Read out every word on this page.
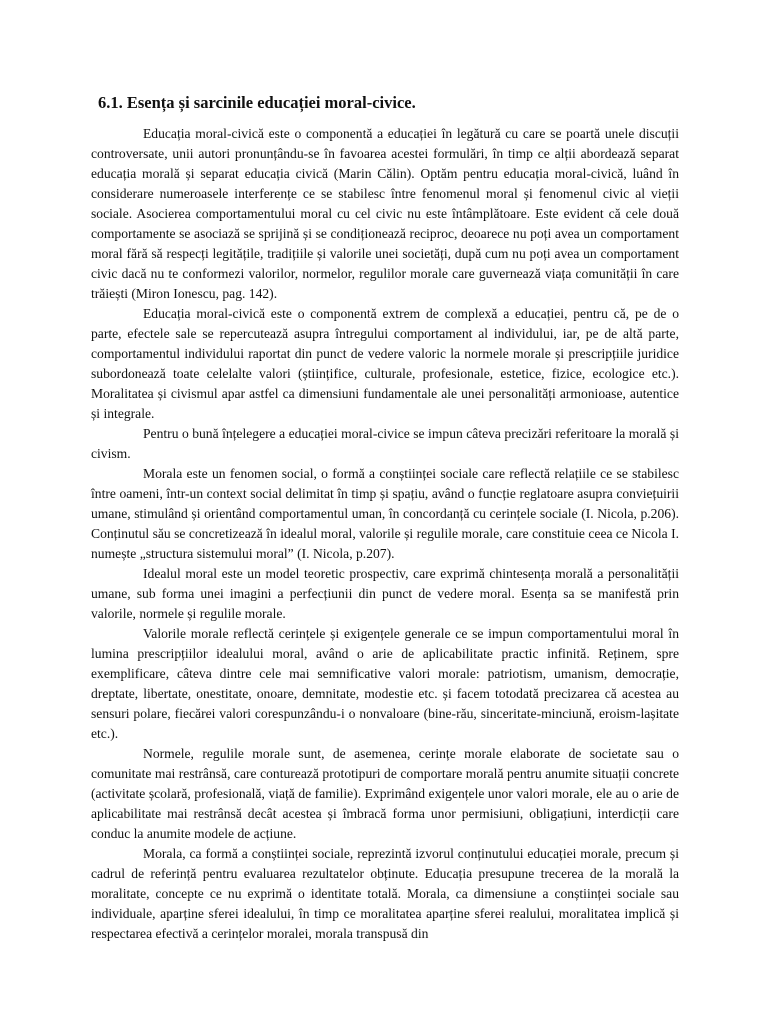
6.1. Esența și sarcinile educației moral-civice.

Educația moral-civică este o componentă a educației în legătură cu care se poartă unele discuții controversate, unii autori pronunțându-se în favoarea acestei formulări, în timp ce alții abordează separat educația morală și separat educația civică (Marin Călin). Optăm pentru educația moral-civică, luând în considerare numeroasele interferențe ce se stabilesc între fenomenul moral și fenomenul civic al vieții sociale. Asocierea comportamentului moral cu cel civic nu este întâmplătoare. Este evident că cele două comportamente se asociază se sprijină și se condiționează reciproc, deoarece nu poți avea un comportament moral fără să respecți legitățile, tradițiile și valorile unei societăți, după cum nu poți avea un comportament civic dacă nu te conformezi valorilor, normelor, regulilor morale care guvernează viața comunității în care trăiești (Miron Ionescu, pag. 142).

Educația moral-civică este o componentă extrem de complexă a educației, pentru că, pe de o parte, efectele sale se repercutează asupra întregului comportament al individului, iar, pe de altă parte, comportamentul individului raportat din punct de vedere valoric la normele morale și prescripțiile juridice subordonează toate celelalte valori (științifice, culturale, profesionale, estetice, fizice, ecologice etc.). Moralitatea și civismul apar astfel ca dimensiuni fundamentale ale unei personalități armonioase, autentice și integrale.

Pentru o bună înțelegere a educației moral-civice se impun câteva precizări referitoare la morală și civism.

Morala este un fenomen social, o formă a conștiinței sociale care reflectă relațiile ce se stabilesc între oameni, într-un context social delimitat în timp și spațiu, având o funcție reglatoare asupra conviețuirii umane, stimulând și orientând comportamentul uman, în concordanță cu cerințele sociale (I. Nicola, p.206). Conținutul său se concretizează în idealul moral, valorile și regulile morale, care constituie ceea ce Nicola I. numește „structura sistemului moral” (I. Nicola, p.207).

Idealul moral este un model teoretic prospectiv, care exprimă chintesența morală a personalității umane, sub forma unei imagini a perfecțiunii din punct de vedere moral. Esența sa se manifestă prin valorile, normele și regulile morale.

Valorile morale reflectă cerințele și exigențele generale ce se impun comportamentului moral în lumina prescripțiilor idealului moral, având o arie de aplicabilitate practic infinită. Reținem, spre exemplificare, câteva dintre cele mai semnificative valori morale: patriotism, umanism, democrație, dreptate, libertate, onestitate, onoare, demnitate, modestie etc. și facem totodată precizarea că acestea au sensuri polare, fiecărei valori corespunzându-i o nonvaloare (bine-rău, sinceritate-minciună, eroism-lașitate etc.).

Normele, regulile morale sunt, de asemenea, cerințe morale elaborate de societate sau o comunitate mai restrânsă, care conturează prototipuri de comportare morală pentru anumite situații concrete (activitate școlară, profesională, viață de familie). Exprimând exigențele unor valori morale, ele au o arie de aplicabilitate mai restrânsă decât acestea și îmbracă forma unor permisiuni, obligațiuni, interdicții care conduc la anumite modele de acțiune.

Morala, ca formă a conștiinței sociale, reprezintă izvorul conținutului educației morale, precum și cadrul de referință pentru evaluarea rezultatelor obținute. Educația presupune trecerea de la morală la moralitate, concepte ce nu exprimă o identitate totală. Morala, ca dimensiune a conștiinței sociale sau individuale, aparține sferei idealului, în timp ce moralitatea aparține sferei realului, moralitatea implică și respectarea efectivă a cerințelor moralei, morala transpusă din
